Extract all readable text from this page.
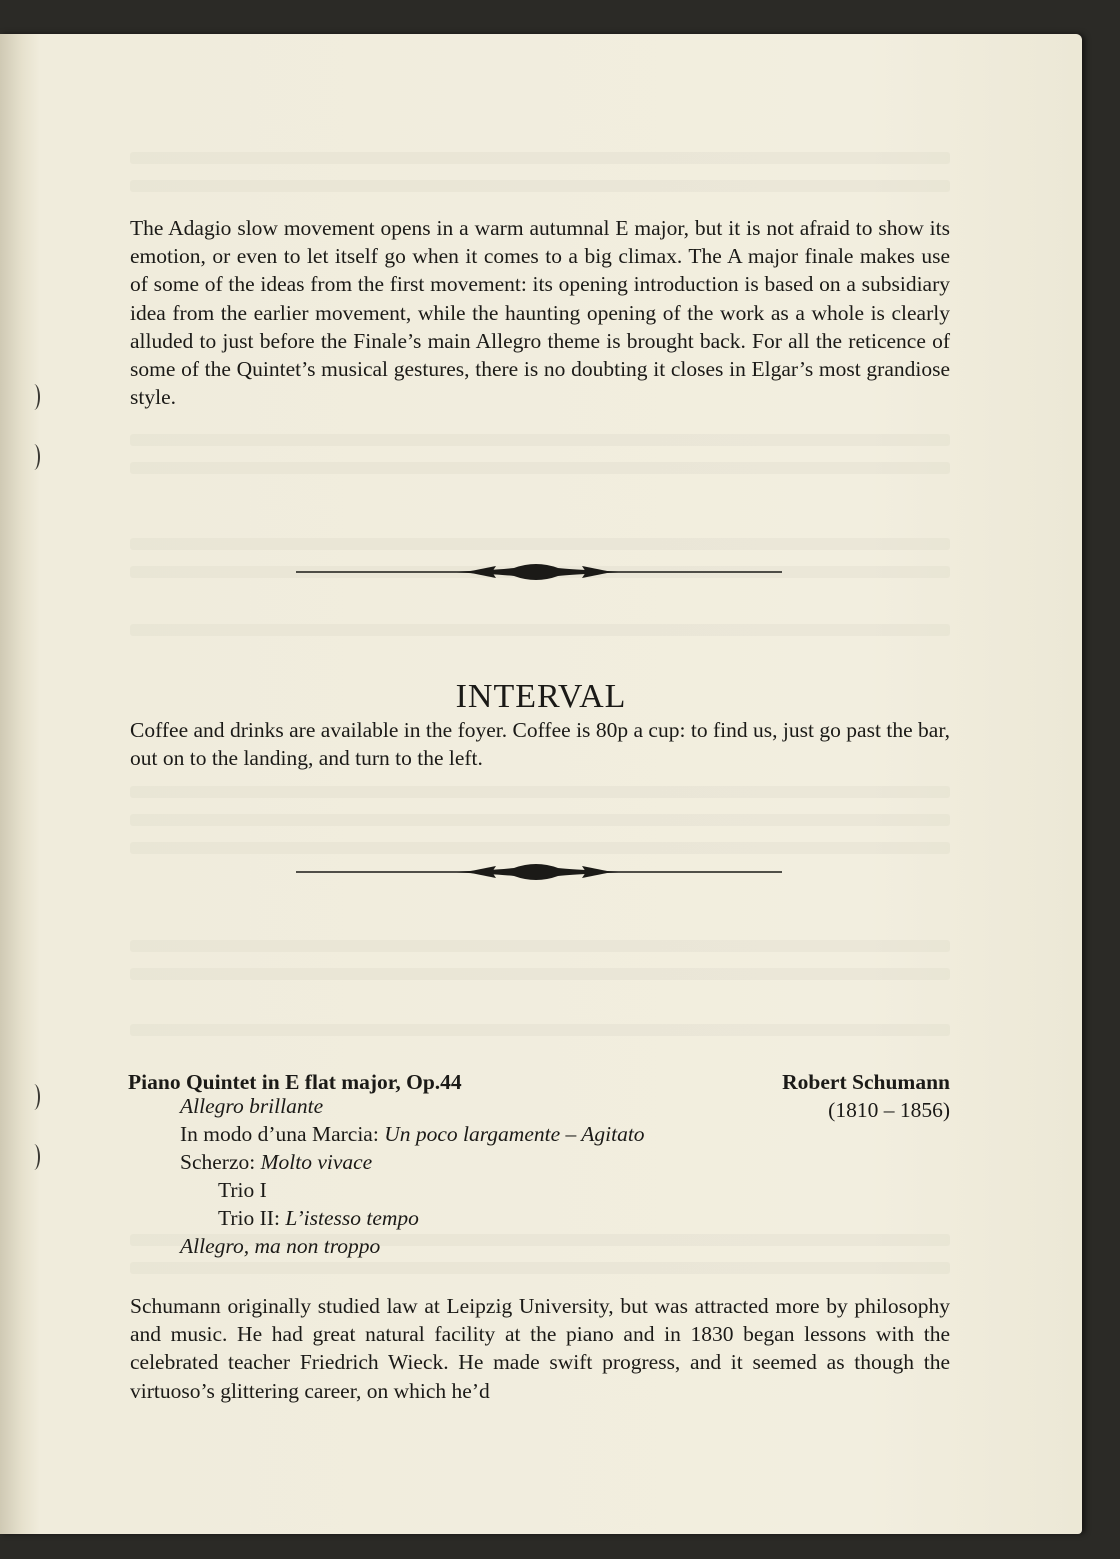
The Adagio slow movement opens in a warm autumnal E major, but it is not afraid to show its emotion, or even to let itself go when it comes to a big climax. The A major finale makes use of some of the ideas from the first movement: its opening introduction is based on a subsidiary idea from the earlier movement, while the haunting opening of the work as a whole is clearly alluded to just before the Finale’s main Allegro theme is brought back. For all the reticence of some of the Quintet’s musical gestures, there is no doubting it closes in Elgar’s most grandiose style.

INTERVAL

Coffee and drinks are available in the foyer. Coffee is 80p a cup: to find us, just go past the bar, out on to the landing, and turn to the left.

Piano Quintet in E flat major, Op.44	Robert Schumann
(1810 – 1856)
Allegro brillante
In modo d’una Marcia: Un poco largamente – Agitato
Scherzo: Molto vivace
Trio I
Trio II: L’istesso tempo
Allegro, ma non troppo

Schumann originally studied law at Leipzig University, but was attracted more by philosophy and music. He had great natural facility at the piano and in 1830 began lessons with the celebrated teacher Friedrich Wieck. He made swift progress, and it seemed as though the virtuoso’s glittering career, on which he’d
